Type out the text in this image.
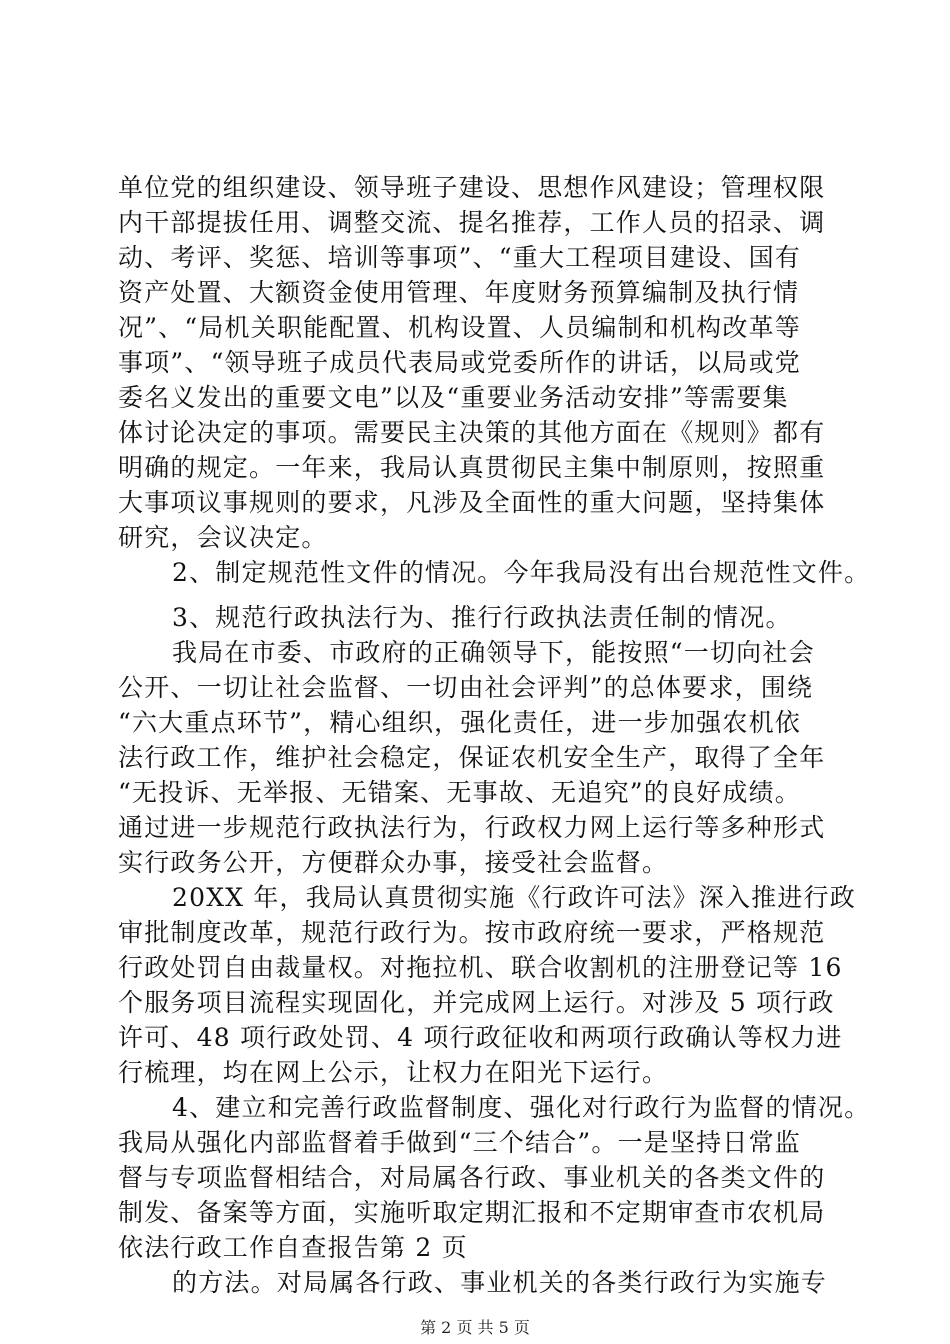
单位党的组织建设、领导班子建设、思想作风建设；管理权限
内干部提拔任用、调整交流、提名推荐，工作人员的招录、调
动、考评、奖惩、培训等事项”、“重大工程项目建设、国有
资产处置、大额资金使用管理、年度财务预算编制及执行情
况”、“局机关职能配置、机构设置、人员编制和机构改革等
事项”、“领导班子成员代表局或党委所作的讲话，以局或党
委名义发出的重要文电”以及“重要业务活动安排”等需要集
体讨论决定的事项。需要民主决策的其他方面在《规则》都有
明确的规定。一年来，我局认真贯彻民主集中制原则，按照重
大事项议事规则的要求，凡涉及全面性的重大问题，坚持集体
研究，会议决定。
2、制定规范性文件的情况。今年我局没有出台规范性文件。
3、规范行政执法行为、推行行政执法责任制的情况。
我局在市委、市政府的正确领导下，能按照“一切向社会
公开、一切让社会监督、一切由社会评判”的总体要求，围绕
“六大重点环节”，精心组织，强化责任，进一步加强农机依
法行政工作，维护社会稳定，保证农机安全生产，取得了全年
“无投诉、无举报、无错案、无事故、无追究”的良好成绩。
通过进一步规范行政执法行为，行政权力网上运行等多种形式
实行政务公开，方便群众办事，接受社会监督。
20XX 年，我局认真贯彻实施《行政许可法》深入推进行政
审批制度改革，规范行政行为。按市政府统一要求，严格规范
行政处罚自由裁量权。对拖拉机、联合收割机的注册登记等 16
个服务项目流程实现固化，并完成网上运行。对涉及 5 项行政
许可、48 项行政处罚、4 项行政征收和两项行政确认等权力进
行梳理，均在网上公示，让权力在阳光下运行。
4、建立和完善行政监督制度、强化对行政行为监督的情况。
我局从强化内部监督着手做到“三个结合”。一是坚持日常监
督与专项监督相结合，对局属各行政、事业机关的各类文件的
制发、备案等方面，实施听取定期汇报和不定期审查市农机局
依法行政工作自查报告第 2 页
的方法。对局属各行政、事业机关的各类行政行为实施专
第 2 页 共 5 页
